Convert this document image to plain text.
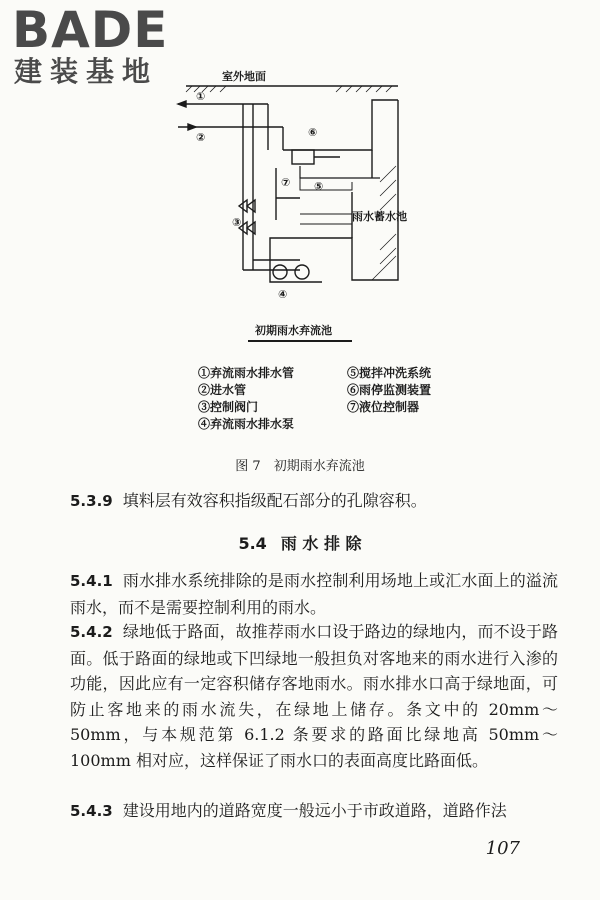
BADE
建装基地	室外地面
①
②
③
④
⑤
⑥
⑦
雨水蓄水池
初期雨水弃流池
①弃流雨水排水管
②进水管
③控制阀门
④弃流雨水排水泵
⑤搅拌冲洗系统
⑥雨停监测装置
⑦液位控制器
图 7　初期雨水弃流池
5.3.9 填料层有效容积指级配石部分的孔隙容积。
5.4 雨 水 排 除
5.4.1 雨水排水系统排除的是雨水控制利用场地上或汇水面上的溢流雨水，而不是需要控制利用的雨水。
5.4.2 绿地低于路面，故推荐雨水口设于路边的绿地内，而不设于路面。低于路面的绿地或下凹绿地一般担负对客地来的雨水进行入渗的功能，因此应有一定容积储存客地雨水。雨水排水口高于绿地面，可防止客地来的雨水流失，在绿地上储存。条文中的 20mm～50mm，与本规范第 6.1.2 条要求的路面比绿地高 50mm～100mm 相对应，这样保证了雨水口的表面高度比路面低。
5.4.3 建设用地内的道路宽度一般远小于市政道路，道路作法
107
